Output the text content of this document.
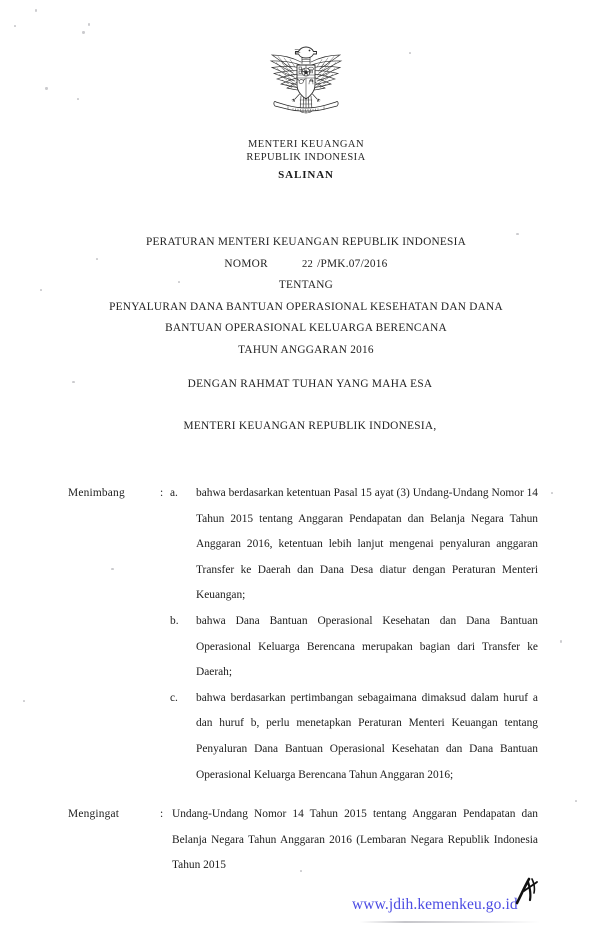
MENTERI KEUANGAN
REPUBLIK INDONESIA
SALINAN
PERATURAN MENTERI KEUANGAN REPUBLIK INDONESIA
NOMOR	22 /PMK.07/2016
TENTANG
PENYALURAN DANA BANTUAN OPERASIONAL KESEHATAN DAN DANA
BANTUAN OPERASIONAL KELUARGA BERENCANA
TAHUN ANGGARAN 2016
DENGAN RAHMAT TUHAN YANG MAHA ESA
MENTERI KEUANGAN REPUBLIK INDONESIA,
Menimbang	: a.	bahwa berdasarkan ketentuan Pasal 15 ayat (3) Undang-Undang Nomor 14 Tahun 2015 tentang Anggaran Pendapatan dan Belanja Negara Tahun Anggaran 2016, ketentuan lebih lanjut mengenai penyaluran anggaran Transfer ke Daerah dan Dana Desa diatur dengan Peraturan Menteri Keuangan;
b.	bahwa Dana Bantuan Operasional Kesehatan dan Dana Bantuan Operasional Keluarga Berencana merupakan bagian dari Transfer ke Daerah;
c.	bahwa berdasarkan pertimbangan sebagaimana dimaksud dalam huruf a dan huruf b, perlu menetapkan Peraturan Menteri Keuangan tentang Penyaluran Dana Bantuan Operasional Kesehatan dan Dana Bantuan Operasional Keluarga Berencana Tahun Anggaran 2016;
Mengingat	: Undang-Undang Nomor 14 Tahun 2015 tentang Anggaran Pendapatan dan Belanja Negara Tahun Anggaran 2016 (Lembaran Negara Republik Indonesia Tahun 2015
www.jdih.kemenkeu.go.id
